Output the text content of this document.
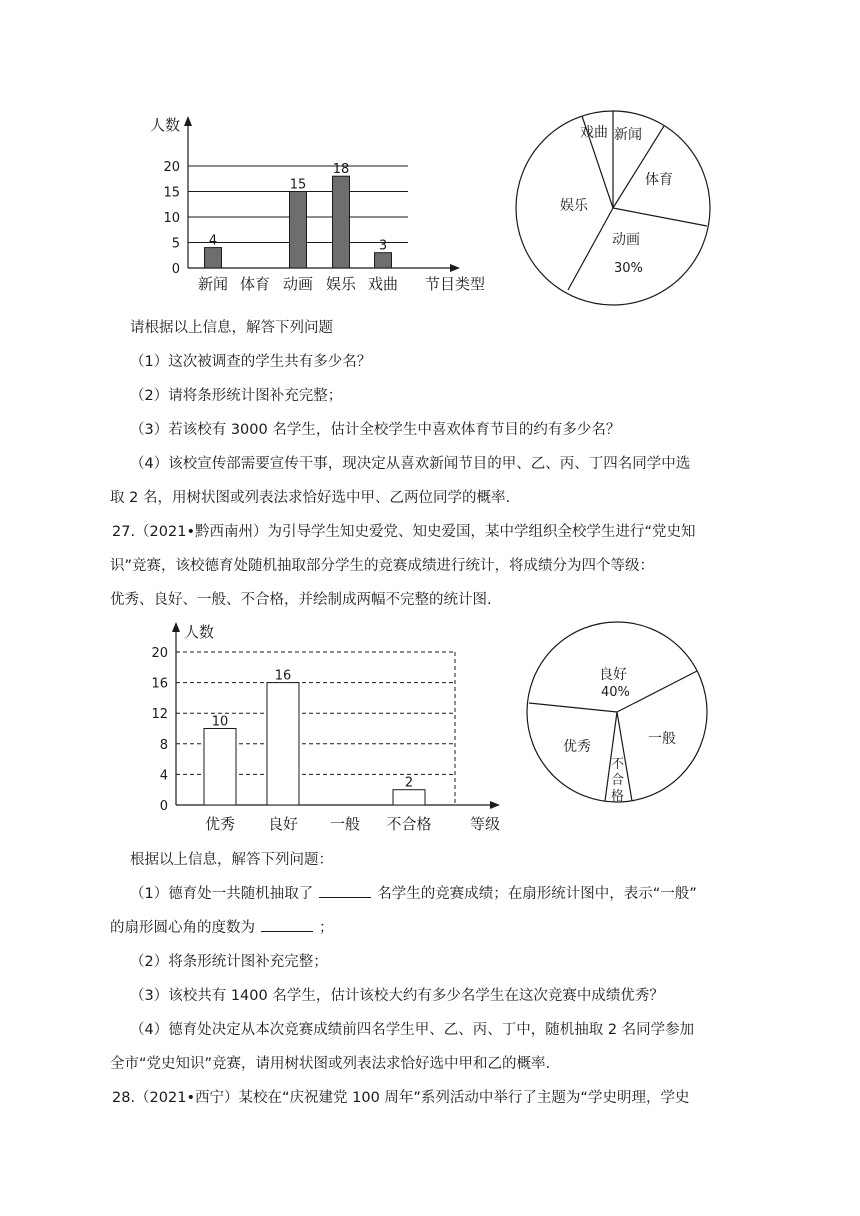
人数
0
5
10
15
20
4
15
18
3
新闻 体育 动画 娱乐 戏曲 节目类型
戏曲 新闻
体育
动画
30%
娱乐
请根据以上信息，解答下列问题
（1）这次被调查的学生共有多少名？
（2）请将条形统计图补充完整；
（3）若该校有 3000 名学生，估计全校学生中喜欢体育节目的约有多少名？
（4）该校宣传部需要宣传干事，现决定从喜欢新闻节目的甲、乙、丙、丁四名同学中选
取 2 名，用树状图或列表法求恰好选中甲、乙两位同学的概率.
27.（2021•黔西南州）为引导学生知史爱党、知史爱国，某中学组织全校学生进行“党史知
识”竞赛，该校德育处随机抽取部分学生的竞赛成绩进行统计，将成绩分为四个等级：
优秀、良好、一般、不合格，并绘制成两幅不完整的统计图.
人数
0
4
8
12
16
20
10
16
2
优秀 良好 一般 不合格	等级
良好
40%
一般
优秀
不
合
格
根据以上信息，解答下列问题：
（1）德育处一共随机抽取了	名学生的竞赛成绩；在扇形统计图中，表示“一般”
的扇形圆心角的度数为	；
（2）将条形统计图补充完整；
（3）该校共有 1400 名学生，估计该校大约有多少名学生在这次竞赛中成绩优秀？
（4）德育处决定从本次竞赛成绩前四名学生甲、乙、丙、丁中，随机抽取 2 名同学参加
全市“党史知识”竞赛，请用树状图或列表法求恰好选中甲和乙的概率.
28.（2021•西宁）某校在“庆祝建党 100 周年”系列活动中举行了主题为“学史明理，学史
